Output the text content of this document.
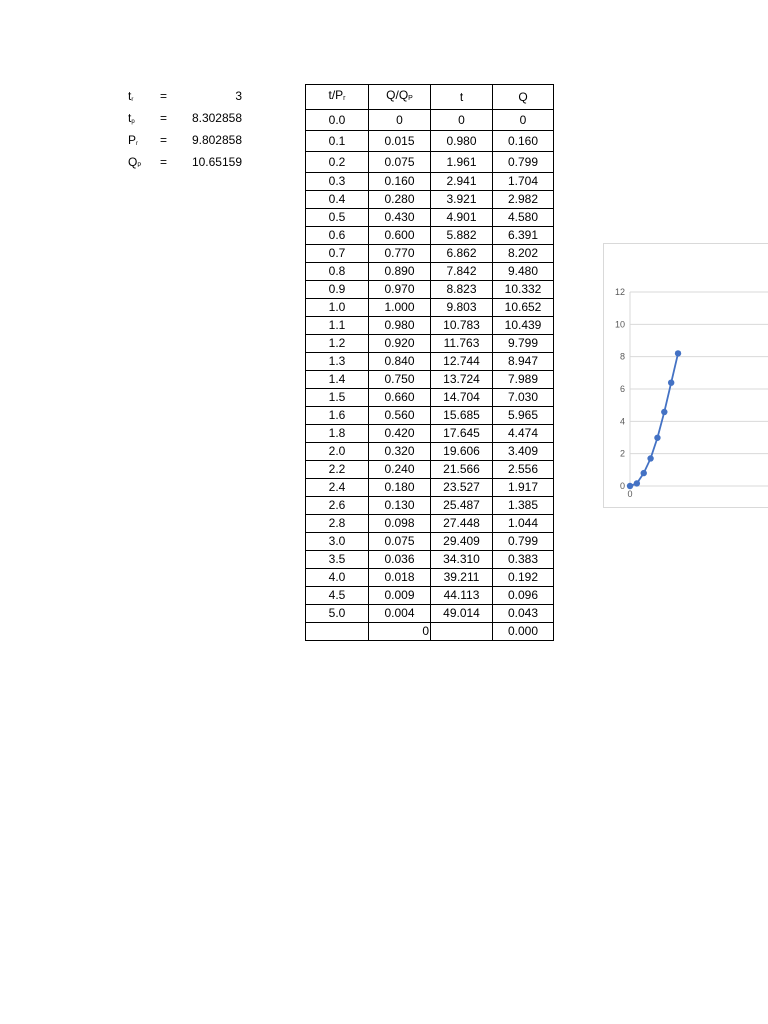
$t_r$ =	3
$t_p$ =	8.302858
$P_r$ =	9.802858
$Q_P$ =	10.65159
$t/P_r$	$Q/Q_P$	t	Q
0.0	0	0	0
0.1	0.015	0.980	0.160
0.2	0.075	1.961	0.799
0.3	0.160	2.941	1.704
0.4	0.280	3.921	2.982
0.5	0.430	4.901	4.580
0.6	0.600	5.882	6.391
0.7	0.770	6.862	8.202
0.8	0.890	7.842	9.480
0.9	0.970	8.823	10.332
1.0	1.000	9.803	10.652
1.1	0.980	10.783	10.439
1.2	0.920	11.763	9.799
1.3	0.840	12.744	8.947
1.4	0.750	13.724	7.989
1.5	0.660	14.704	7.030
1.6	0.560	15.685	5.965
1.8	0.420	17.645	4.474
2.0	0.320	19.606	3.409
2.2	0.240	21.566	2.556
2.4	0.180	23.527	1.917
2.6	0.130	25.487	1.385
2.8	0.098	27.448	1.044
3.0	0.075	29.409	0.799
3.5	0.036	34.310	0.383
4.0	0.018	39.211	0.192
4.5	0.009	44.113	0.096
5.0	0.004	49.014	0.043
	0		0.000
0
2
4
6
8
10
12
0
